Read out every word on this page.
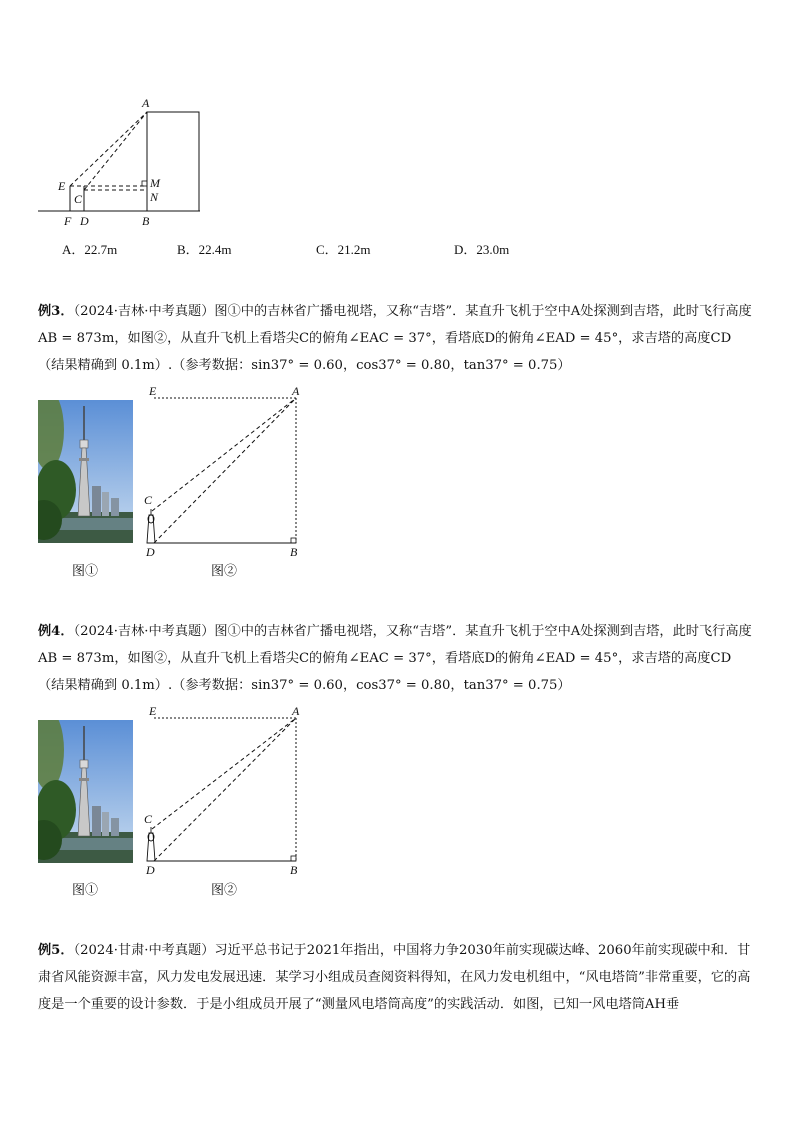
A
E
C
M
N
F D	B
A．22.7m	B．22.4m	C．21.2m	D．23.0m

例3．（2024·吉林·中考真题）图①中的吉林省广播电视塔，又称“吉塔”．某直升飞机于空中A处探测到吉塔，此时飞行高度AB = 873m，如图②，从直升飞机上看塔尖C的俯角∠EAC = 37°，看塔底D的俯角∠EAD = 45°，求吉塔的高度CD（结果精确到 0.1m）.（参考数据：sin37° = 0.60，cos37° = 0.80，tan37° = 0.75）

E	A
C
D	B
图①	图②

例4．（2024·吉林·中考真题）图①中的吉林省广播电视塔，又称“吉塔”．某直升飞机于空中A处探测到吉塔，此时飞行高度AB = 873m，如图②，从直升飞机上看塔尖C的俯角∠EAC = 37°，看塔底D的俯角∠EAD = 45°，求吉塔的高度CD（结果精确到 0.1m）.（参考数据：sin37° = 0.60，cos37° = 0.80，tan37° = 0.75）

E	A
C
D	B
图①	图②

例5．（2024·甘肃·中考真题）习近平总书记于2021年指出，中国将力争2030年前实现碳达峰、2060年前实现碳中和．甘肃省风能资源丰富，风力发电发展迅速．某学习小组成员查阅资料得知，在风力发电机组中，“风电塔筒”非常重要，它的高度是一个重要的设计参数．于是小组成员开展了“测量风电塔筒高度”的实践活动．如图，已知一风电塔筒AH垂
